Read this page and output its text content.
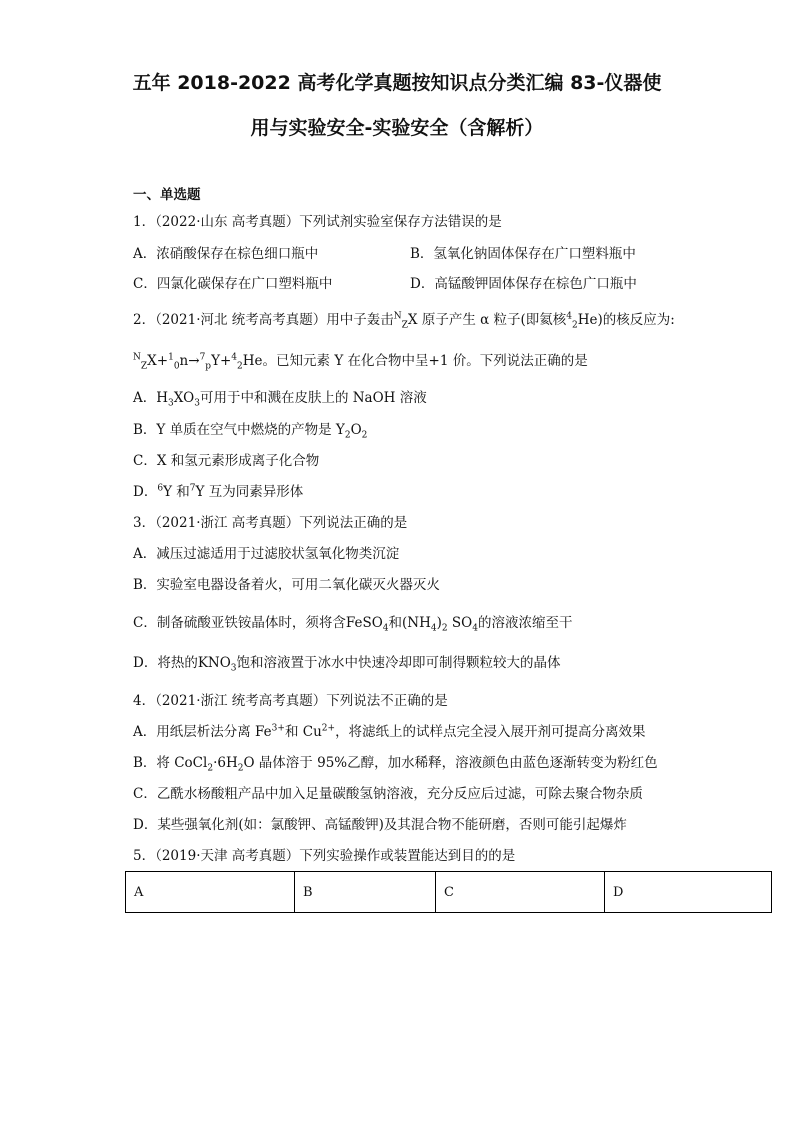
五年 2018-2022 高考化学真题按知识点分类汇编 83-仪器使
用与实验安全-实验安全（含解析）
一、单选题
1．（2022·山东 高考真题）下列试剂实验室保存方法错误的是
A．浓硝酸保存在棕色细口瓶中	B．氢氧化钠固体保存在广口塑料瓶中
C．四氯化碳保存在广口塑料瓶中	D．高锰酸钾固体保存在棕色广口瓶中
2．（2021·河北 统考高考真题）用中子轰击$^N_Z$X 原子产生 α 粒子(即氦核$^4_2$He)的核反应为:
$^N_Z$X+$^1_0$n→$^7_p$Y+$^4_2$He。已知元素 Y 在化合物中呈+1 价。下列说法正确的是
A．$H_3XO_3$可用于中和溅在皮肤上的 NaOH 溶液
B．Y 单质在空气中燃烧的产物是 $Y_2O_2$
C．X 和氢元素形成离子化合物
D．$^6$Y 和$^7$Y 互为同素异形体
3．（2021·浙江 高考真题）下列说法正确的是
A．减压过滤适用于过滤胶状氢氧化物类沉淀
B．实验室电器设备着火，可用二氧化碳灭火器灭火
C．制备硫酸亚铁铵晶体时，须将含FeSO$_4$和$(NH_4)_2$ $SO_4$的溶液浓缩至干
D．将热的$KNO_3$饱和溶液置于冰水中快速冷却即可制得颗粒较大的晶体
4．（2021·浙江 统考高考真题）下列说法不正确的是
A．用纸层析法分离 $Fe^{3+}$和 $Cu^{2+}$，将滤纸上的试样点完全浸入展开剂可提高分离效果
B．将 $CoCl_2\cdot 6H_2O$ 晶体溶于 95%乙醇，加水稀释，溶液颜色由蓝色逐渐转变为粉红色
C．乙酰水杨酸粗产品中加入足量碳酸氢钠溶液，充分反应后过滤，可除去聚合物杂质
D．某些强氧化剂(如：氯酸钾、高锰酸钾)及其混合物不能研磨，否则可能引起爆炸
5．（2019·天津 高考真题）下列实验操作或装置能达到目的的是
A	B	C	D
